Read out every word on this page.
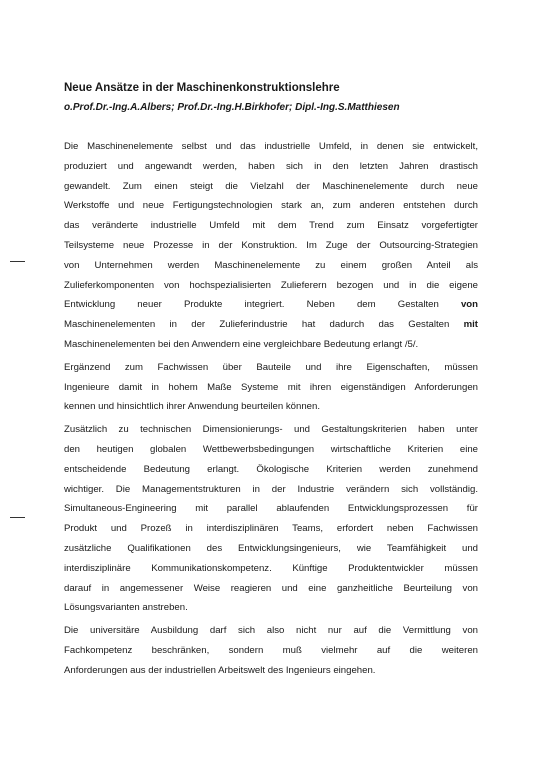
Neue Ansätze in der Maschinenkonstruktionslehre
o.Prof.Dr.-Ing.A.Albers; Prof.Dr.-Ing.H.Birkhofer; Dipl.-Ing.S.Matthiesen

Die Maschinenelemente selbst und das industrielle Umfeld, in denen sie entwickelt,
produziert und angewandt werden, haben sich in den letzten Jahren drastisch
gewandelt. Zum einen steigt die Vielzahl der Maschinenelemente durch neue
Werkstoffe und neue Fertigungstechnologien stark an, zum anderen entstehen durch
das veränderte industrielle Umfeld mit dem Trend zum Einsatz vorgefertigter
Teilsysteme neue Prozesse in der Konstruktion. Im Zuge der Outsourcing-Strategien
von Unternehmen werden Maschinenelemente zu einem großen Anteil als
Zulieferkomponenten von hochspezialisierten Zulieferern bezogen und in die eigene
Entwicklung neuer Produkte integriert. Neben dem Gestalten von
Maschinenelementen in der Zulieferindustrie hat dadurch das Gestalten mit
Maschinenelementen bei den Anwendern eine vergleichbare Bedeutung erlangt /5/.

Ergänzend zum Fachwissen über Bauteile und ihre Eigenschaften, müssen
Ingenieure damit in hohem Maße Systeme mit ihren eigenständigen Anforderungen
kennen und hinsichtlich ihrer Anwendung beurteilen können.

Zusätzlich zu technischen Dimensionierungs- und Gestaltungskriterien haben unter
den heutigen globalen Wettbewerbsbedingungen wirtschaftliche Kriterien eine
entscheidende Bedeutung erlangt. Ökologische Kriterien werden zunehmend
wichtiger. Die Managementstrukturen in der Industrie verändern sich vollständig.
Simultaneous-Engineering mit parallel ablaufenden Entwicklungsprozessen für
Produkt und Prozeß in interdisziplinären Teams, erfordert neben Fachwissen
zusätzliche Qualifikationen des Entwicklungsingenieurs, wie Teamfähigkeit und
interdisziplinäre Kommunikationskompetenz. Künftige Produktentwickler müssen
darauf in angemessener Weise reagieren und eine ganzheitliche Beurteilung von
Lösungsvarianten anstreben.

Die universitäre Ausbildung darf sich also nicht nur auf die Vermittlung von
Fachkompetenz beschränken, sondern muß vielmehr auf die weiteren
Anforderungen aus der industriellen Arbeitswelt des Ingenieurs eingehen.
